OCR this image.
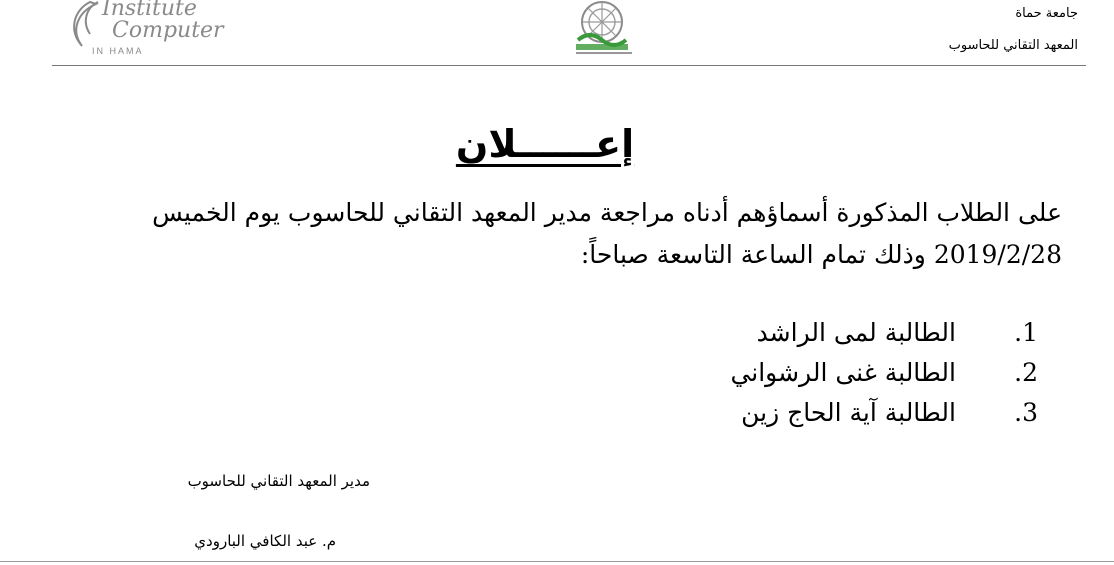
Institute
Computer
IN HAMA
جامعة حماة
المعهد التقاني للحاسوب
إعــــــلان
على الطلاب المذكورة أسماؤهم أدناه مراجعة مدير المعهد التقاني للحاسوب يوم الخميس
2019/2/28 وذلك تمام الساعة التاسعة صباحاً:
1.الطالبة لمى الراشد
2.الطالبة غنى الرشواني
3.الطالبة آية الحاج زين
مدير المعهد التقاني للحاسوب
م. عبد الكافي البارودي
